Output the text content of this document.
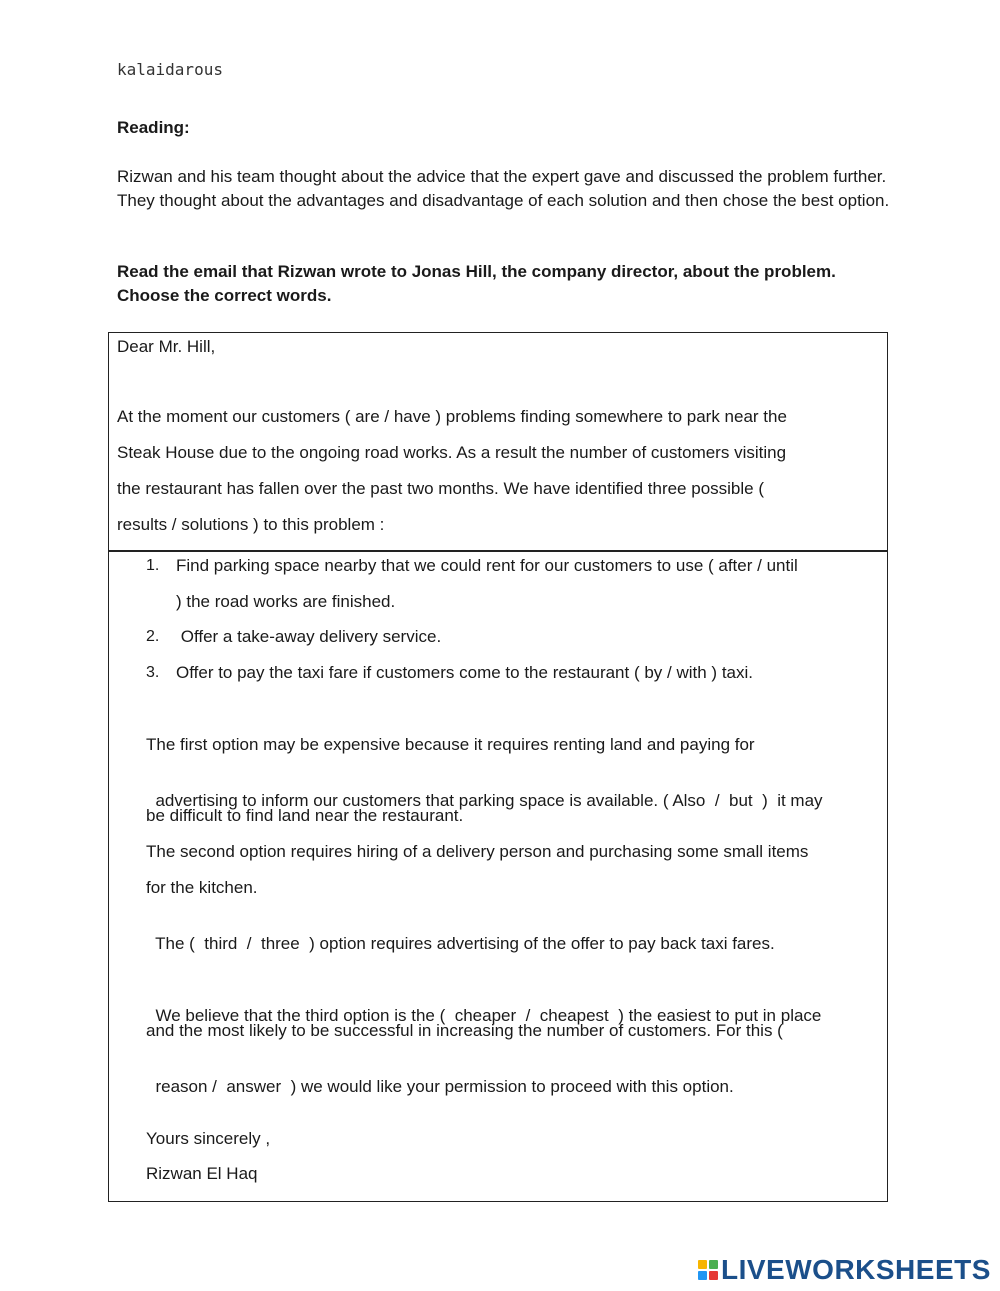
kalaidarous
Reading:
Rizwan and his team thought about the advice that the expert gave and discussed the problem further. They thought about the advantages and disadvantage of each solution and then chose the best option.
Read the email that Rizwan wrote to Jonas Hill, the company director, about the problem. Choose the correct words.
Dear Mr. Hill,
At the moment our customers ( are / have ) problems finding somewhere to park near the
Steak House due to the ongoing road works. As a result the number of customers visiting
the restaurant has fallen over the past two months. We have identified three possible (
results / solutions ) to this problem :
1. Find parking space nearby that we could rent for our customers to use ( after / until
) the road works are finished.
2. Offer a take-away delivery service.
3. Offer to pay the taxi fare if customers come to the restaurant ( by / with ) taxi.
The first option may be expensive because it requires renting land and paying for

advertising to inform our customers that parking space is available. ( Also  /  but  )  it may

be difficult to find land near the restaurant.
The second option requires hiring of a delivery person and purchasing some small items
for the kitchen.

The (  third  /  three  ) option requires advertising of the offer to pay back taxi fares.

We believe that the third option is the (  cheaper  /  cheapest  ) the easiest to put in place

and the most likely to be successful in increasing the number of customers. For this (

reason /  answer  ) we would like your permission to proceed with this option.

Yours sincerely ,
Rizwan El Haq
LIVEWORKSHEETS
